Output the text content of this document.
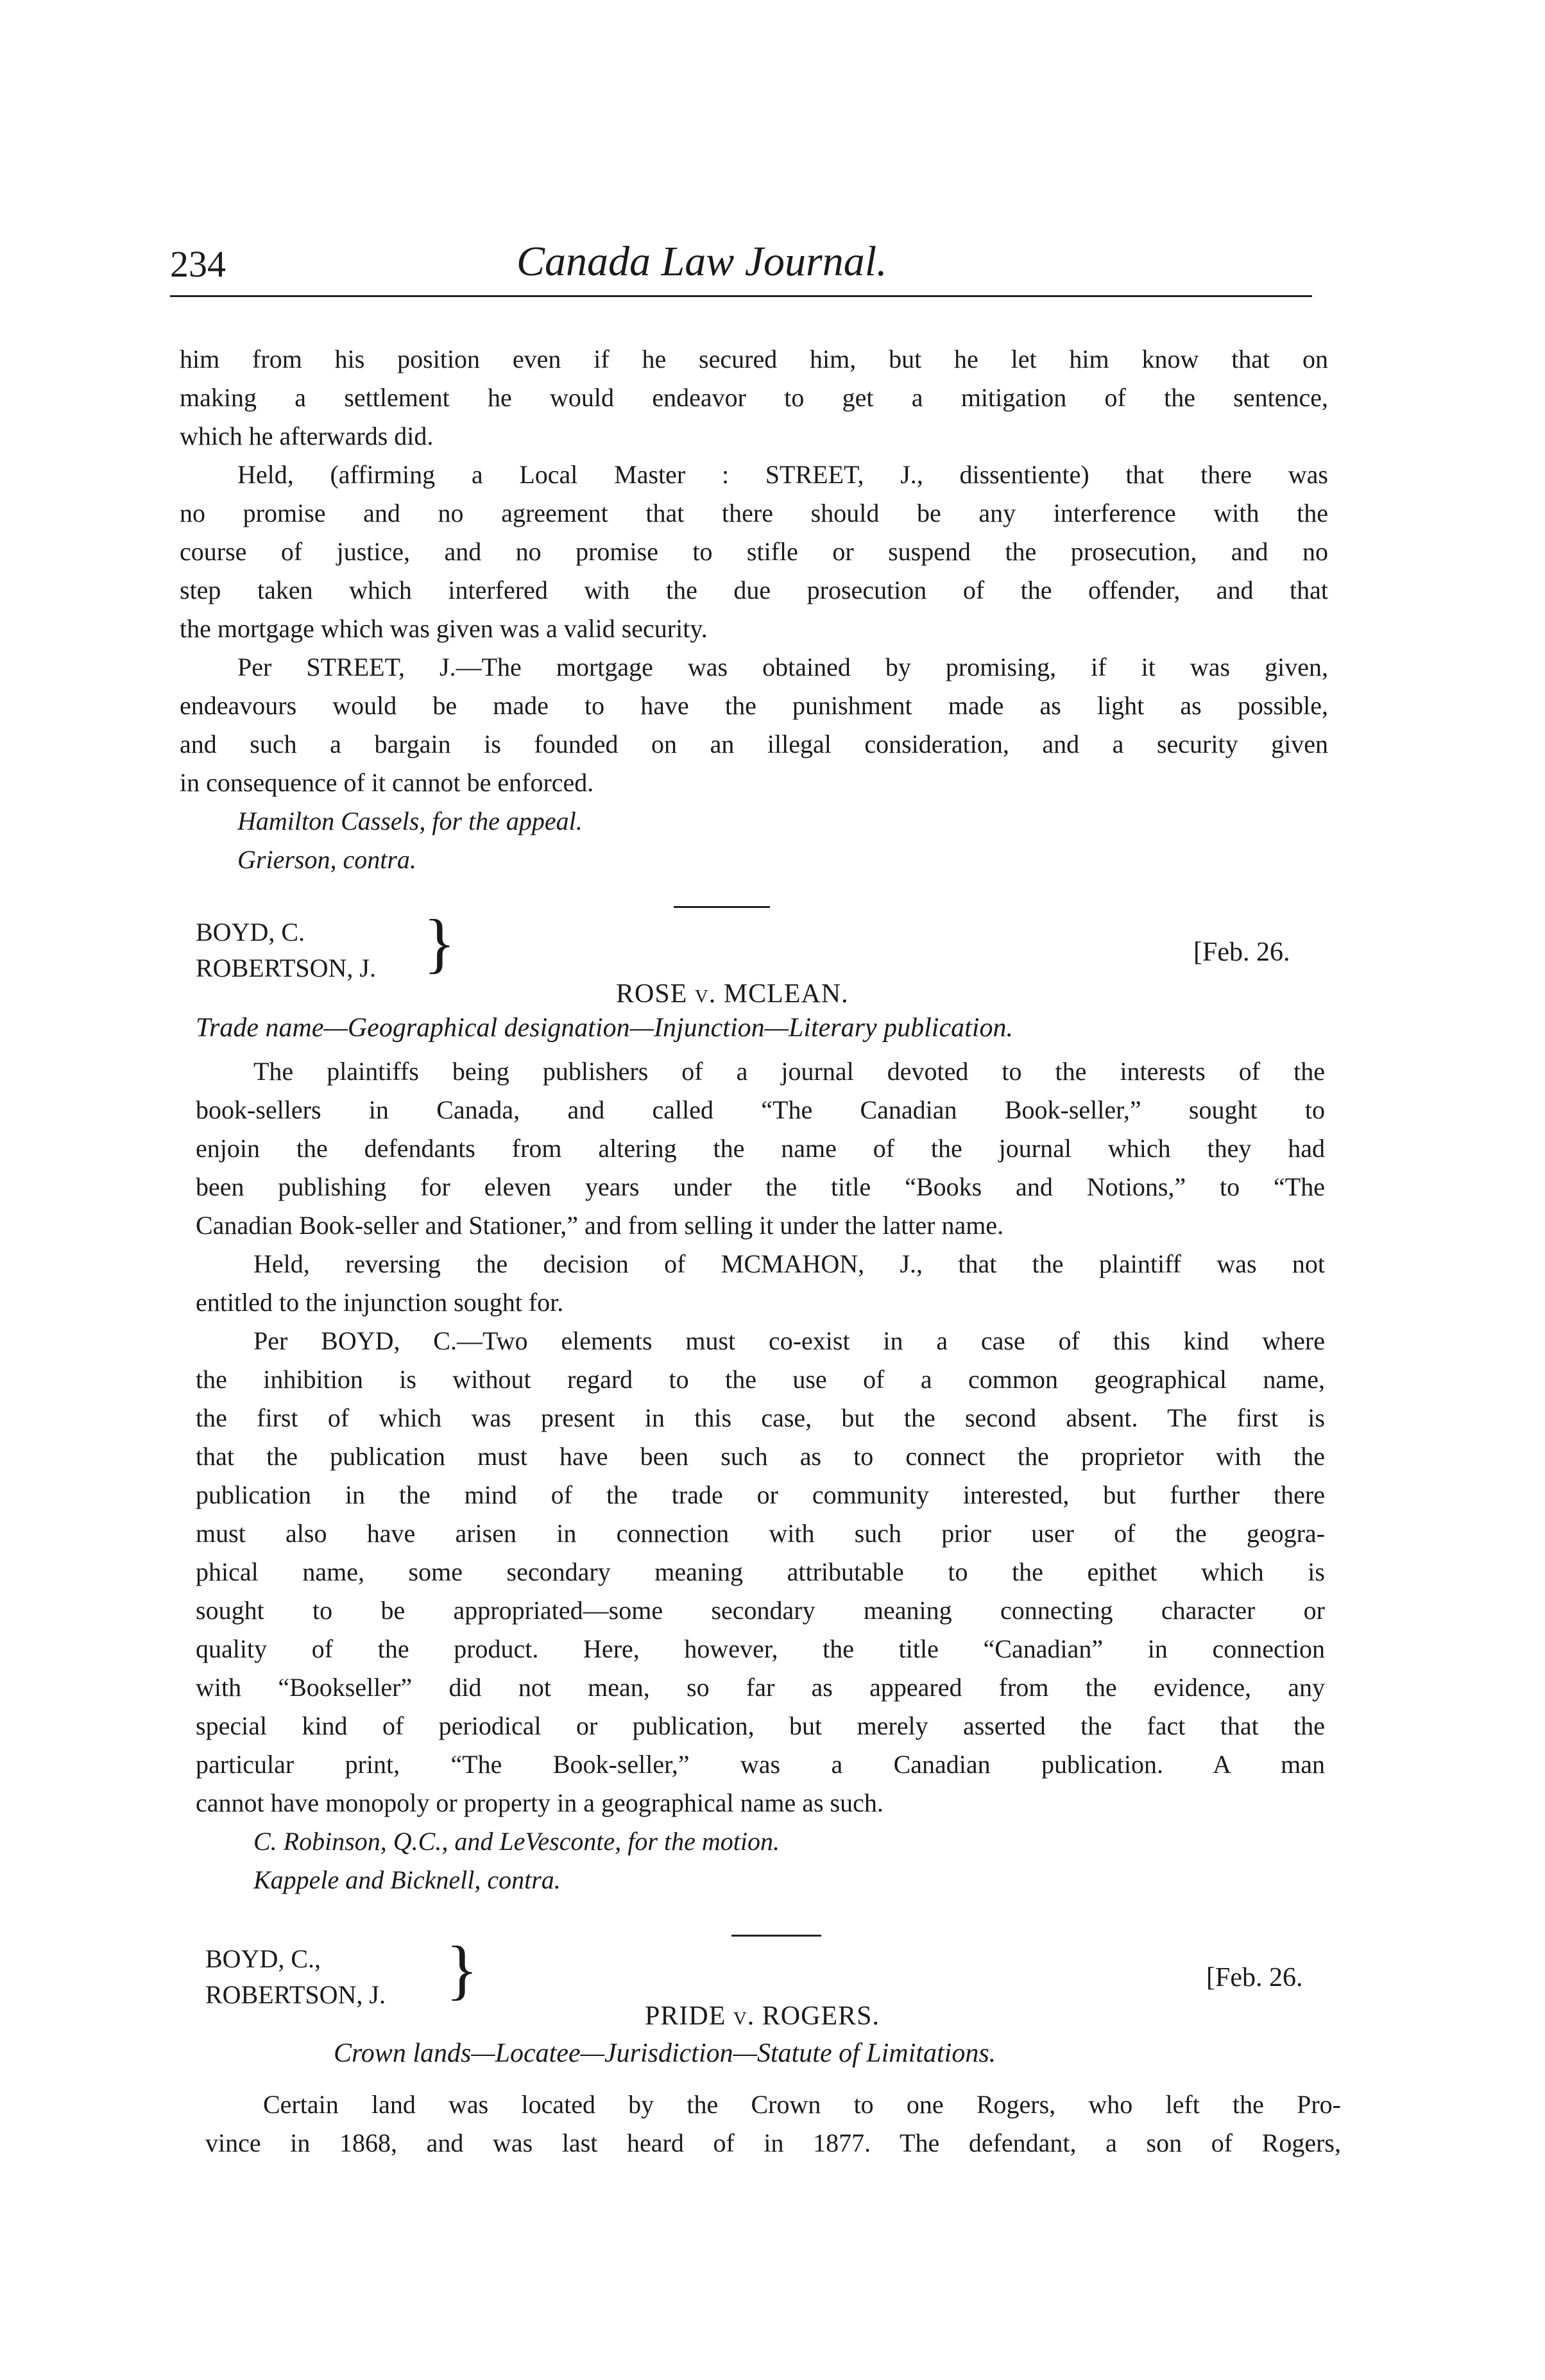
234	Canada Law Journal.
him from his position even if he secured him, but he let him know that on
making a settlement he would endeavor to get a mitigation of the sentence,
which he afterwards did.
Held, (affirming a Local Master : STREET, J., dissentiente) that there was
no promise and no agreement that there should be any interference with the
course of justice, and no promise to stifle or suspend the prosecution, and no
step taken which interfered with the due prosecution of the offender, and that
the mortgage which was given was a valid security.
Per STREET, J.—The mortgage was obtained by promising, if it was given,
endeavours would be made to have the punishment made as light as possible,
and such a bargain is founded on an illegal consideration, and a security given
in consequence of it cannot be enforced.
Hamilton Cassels, for the appeal.
Grierson, contra.
BOYD, C.
ROBERTSON, J. }	[Feb. 26.
ROSE v. MCLEAN.
Trade name—Geographical designation—Injunction—Literary publication.
The plaintiffs being publishers of a journal devoted to the interests of the
book-sellers in Canada, and called “The Canadian Book-seller,” sought to
enjoin the defendants from altering the name of the journal which they had
been publishing for eleven years under the title “Books and Notions,” to “The
Canadian Book-seller and Stationer,” and from selling it under the latter name.
Held, reversing the decision of MCMAHON, J., that the plaintiff was not
entitled to the injunction sought for.
Per BOYD, C.—Two elements must co-exist in a case of this kind where
the inhibition is without regard to the use of a common geographical name,
the first of which was present in this case, but the second absent. The first is
that the publication must have been such as to connect the proprietor with the
publication in the mind of the trade or community interested, but further there
must also have arisen in connection with such prior user of the geogra-
phical name, some secondary meaning attributable to the epithet which is
sought to be appropriated—some secondary meaning connecting character or
quality of the product. Here, however, the title “Canadian” in connection
with “Bookseller” did not mean, so far as appeared from the evidence, any
special kind of periodical or publication, but merely asserted the fact that the
particular print, “The Book-seller,” was a Canadian publication. A man
cannot have monopoly or property in a geographical name as such.
C. Robinson, Q.C., and LeVesconte, for the motion.
Kappele and Bicknell, contra.
BOYD, C.,
ROBERTSON, J. }	[Feb. 26.
PRIDE v. ROGERS.
Crown lands—Locatee—Jurisdiction—Statute of Limitations.
Certain land was located by the Crown to one Rogers, who left the Pro-
vince in 1868, and was last heard of in 1877. The defendant, a son of Rogers,
